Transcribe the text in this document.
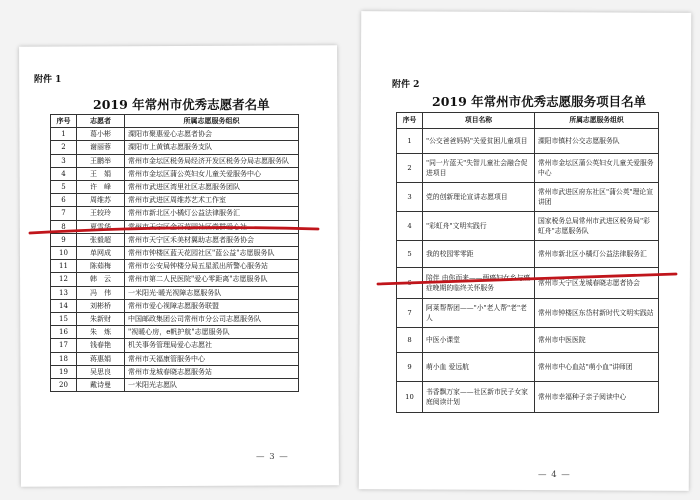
附件 1
2019 年常州市优秀志愿者名单
序号	志愿者	所属志愿服务组织
1	葛小彬	溧阳市聚惠爱心志愿者协会
2	谢丽蓉	溧阳市上黄镇志愿服务支队
3	王鹏举	常州市金坛区税务局经济开发区税务分局志愿服务队
4	王　娟	常州市金坛区蒲公英妇女儿童关爱服务中心
5	许　峰	常州市武进区湾里社区志愿服务团队
6	周维苏	常州市武进区周维苏艺术工作室
7	王较玲	常州市新北区小橘灯公益法律服务汇
8	夏雪华	常州市天宁区金百花园社区党群爱心社
9	张毅超	常州市天宁区禾美材翼助志愿者服务协会
10	单网成	常州市钟楼区蓝天花园社区"蓝公益"志愿服务队
11	陈茹梅	常州市公安局钟楼分局五星派出所警心服务站
12	韩　云	常州市第二人民医院"爱心零距离"志愿服务队
13	冯　伟	一米阳光·暖光视障志愿服务队
14	刘彬桥	常州市爱心视障志愿服务联盟
15	朱新财	中国邮政集团公司常州市分公司志愿服务队
16	朱　炼	"视暖心房，e帆护航"志愿服务队
17	钱春艳	机关事务管理局爱心志愿社
18	蒋惠娟	常州市天福康管服务中心
19	吴思良	常州市龙城春晓志愿服务站
20	戴诗曼	一米阳光志愿队
— 3 —
附件 2
2019 年常州市优秀志愿服务项目名单
序号	项目名称	所属志愿服务组织
1	"公交爸爸妈妈"关爱贫困儿童项目	溧阳市镇村公交志愿服务队
2	"同一片蓝天"失智儿童社会融合促进项目	常州市金坛区蒲公英妇女儿童关爱服务中心
3	党的创新理论宣讲志愿项目	常州市武进区府东社区"蒲公英"理论宣讲团
4	"彩虹舟"文明实践行	国家税务总局常州市武进区税务局"彩虹舟"志愿服务队
5	我的校园零零距	常州市新北区小橘灯公益法律服务汇
6	陪伴 由你而来——两癌妇女乡与癌症晚期的临终关怀服务	常州市天宁区龙城春晓志愿者协会
7	阿莱帮帮团——"小"老人帮"老"老人	常州市钟楼区东岱村新时代文明实践站
8	中医小课堂	常州市中医医院
9	萌小血 爱远航	常州市中心血站"萌小血"讲师团
10	书香飘万家——社区新市民子女家庭阅读计划	常州市幸福种子亲子阅读中心
— 4 —
